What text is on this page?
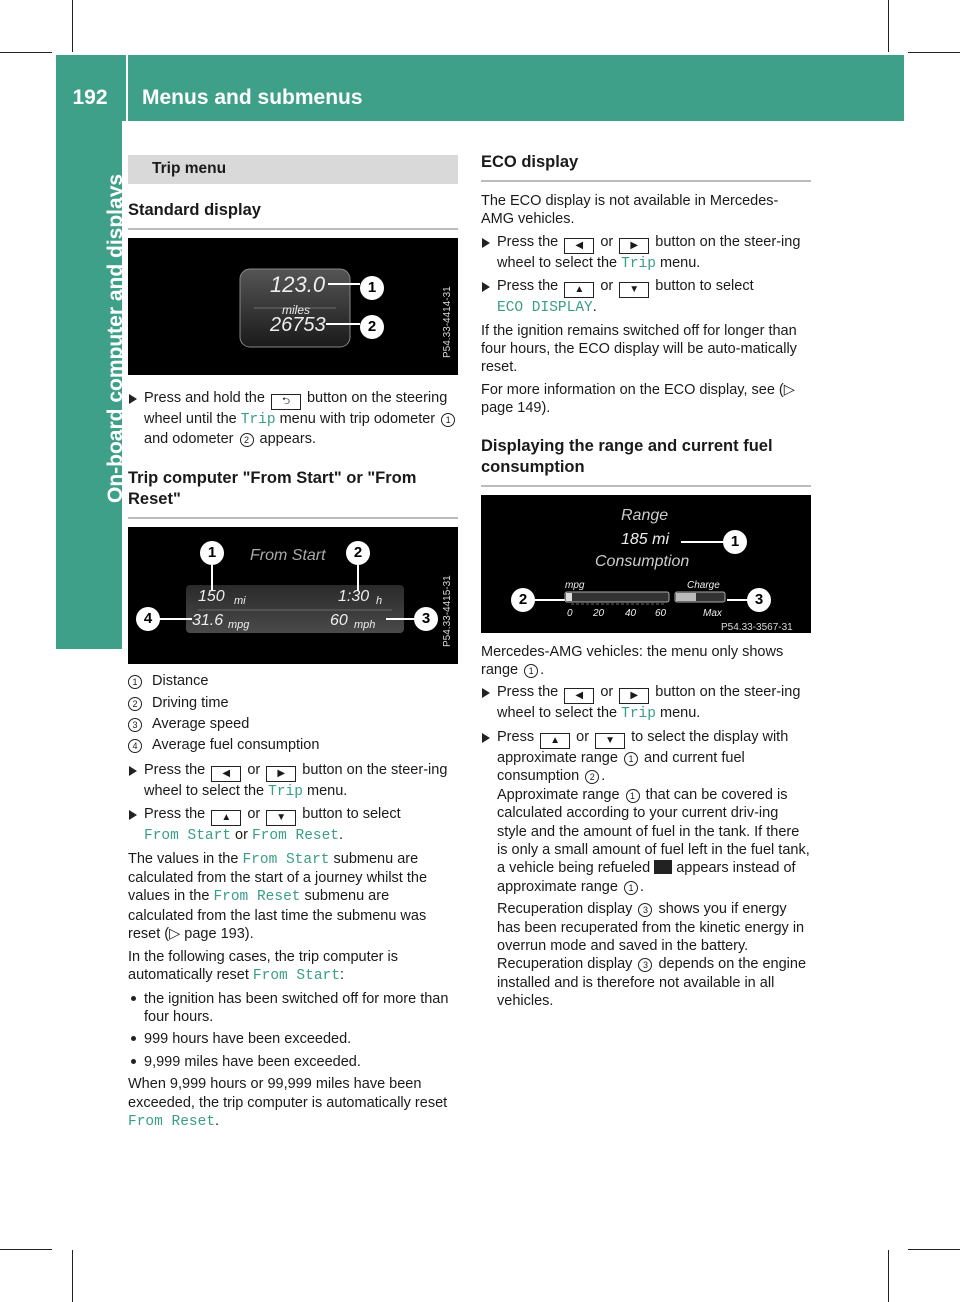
192	Menus and submenus
On-board computer and displays
Trip menu
Standard display
123.0
miles
26753
1
2	P54.33-4414-31
Press and hold the ⮌ button on the steering wheel until the Trip menu with trip odometer 1 and odometer 2 appears.
Trip computer "From Start" or "From Reset"
From Start
150 mi	1:30 h
31.6 mpg	60 mph
1	2
3
4	P54.33-4415-31
1	Distance
2	Driving time
3	Average speed
4	Average fuel consumption
Press the ◀ or ▶ button on the steer-ing wheel to select the Trip menu.
Press the ▲ or ▼ button to select
From Start or From Reset.

The values in the From Start submenu are calculated from the start of a journey whilst the values in the From Reset submenu are calculated from the last time the submenu was reset (▷ page 193).

In the following cases, the trip computer is automatically reset From Start:

the ignition has been switched off for more than four hours.
999 hours have been exceeded.
9,999 miles have been exceeded.

When 9,999 hours or 99,999 miles have been exceeded, the trip computer is automatically reset From Reset.

ECO display

The ECO display is not available in Mercedes-AMG vehicles.

Press the ◀ or ▶ button on the steer-ing wheel to select the Trip menu.
Press the ▲ or ▼ button to select
ECO DISPLAY.

If the ignition remains switched off for longer than four hours, the ECO display will be auto-matically reset.

For more information on the ECO display, see (▷ page 149).

Displaying the range and current fuel consumption
Range
185 mi
Consumption
mpg	Charge
0 20 40 60	Max
1
2	3
P54.33-3567-31

Mercedes-AMG vehicles: the menu only shows range 1 .

Press the ◀ or ▶ button on the steer-ing wheel to select the Trip menu.
Press ▲ or ▼ to select the display with approximate range 1 and current fuel consumption 2 .
Approximate range 1 that can be covered is calculated according to your current driv-ing style and the amount of fuel in the tank. If there is only a small amount of fuel left in the fuel tank, a vehicle being refueled appears instead of approximate range 1 .
Recuperation display 3 shows you if energy has been recuperated from the kinetic energy in overrun mode and saved in the battery. Recuperation display 3 depends on the engine installed and is therefore not available in all vehicles.
